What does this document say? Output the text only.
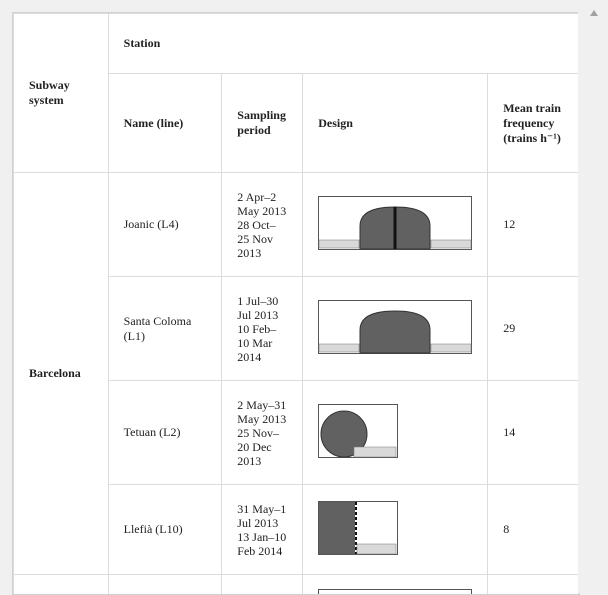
Subway system	Station			
	Name (line)	Sampling period	Design	Mean train frequency (trains h⁻¹)
Barcelona	Joanic (L4)	2 Apr–2 May 2013 28 Oct–25 Nov 2013		12
	Santa Coloma (L1)	1 Jul–30 Jul 2013 10 Feb–10 Mar 2014		29
	Tetuan (L2)	2 May–31 May 2013 25 Nov–20 Dec 2013		14
	Llefià (L10)	31 May–1 Jul 2013 13 Jan–10 Feb 2014		8
